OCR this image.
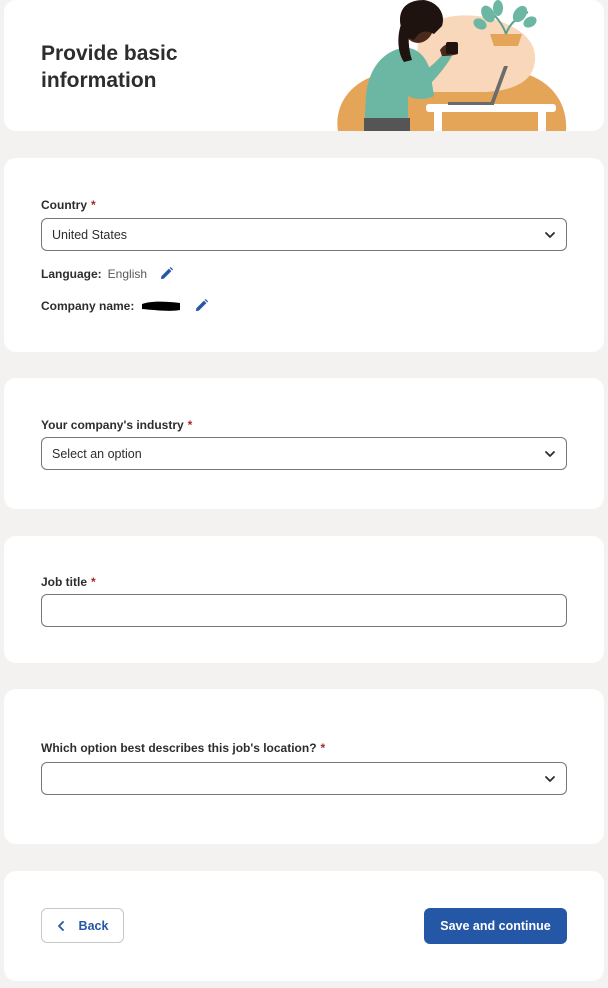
Provide basic information
Country *
United States
Language: English
Company name:
Your company's industry *
Select an option
Job title *
Which option best describes this job's location? *
Back	Save and continue
